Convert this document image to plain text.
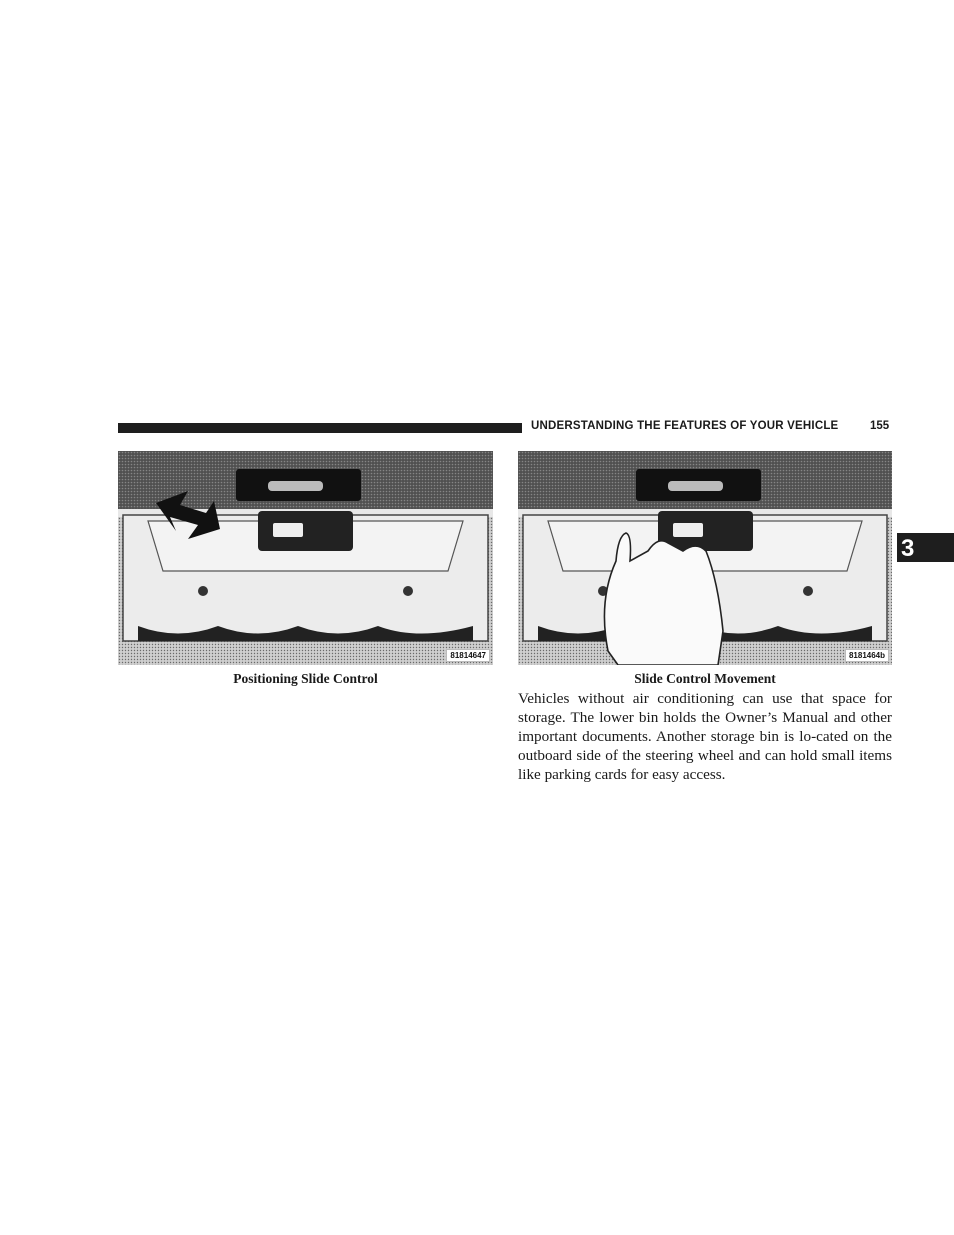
UNDERSTANDING THE FEATURES OF YOUR VEHICLE	155
3
81814647	8181464b
Positioning Slide Control	Slide Control Movement

Vehicles without air conditioning can use that space for storage. The lower bin holds the Owner’s Manual and other important documents. Another storage bin is lo-cated on the outboard side of the steering wheel and can hold small items like parking cards for easy access.
